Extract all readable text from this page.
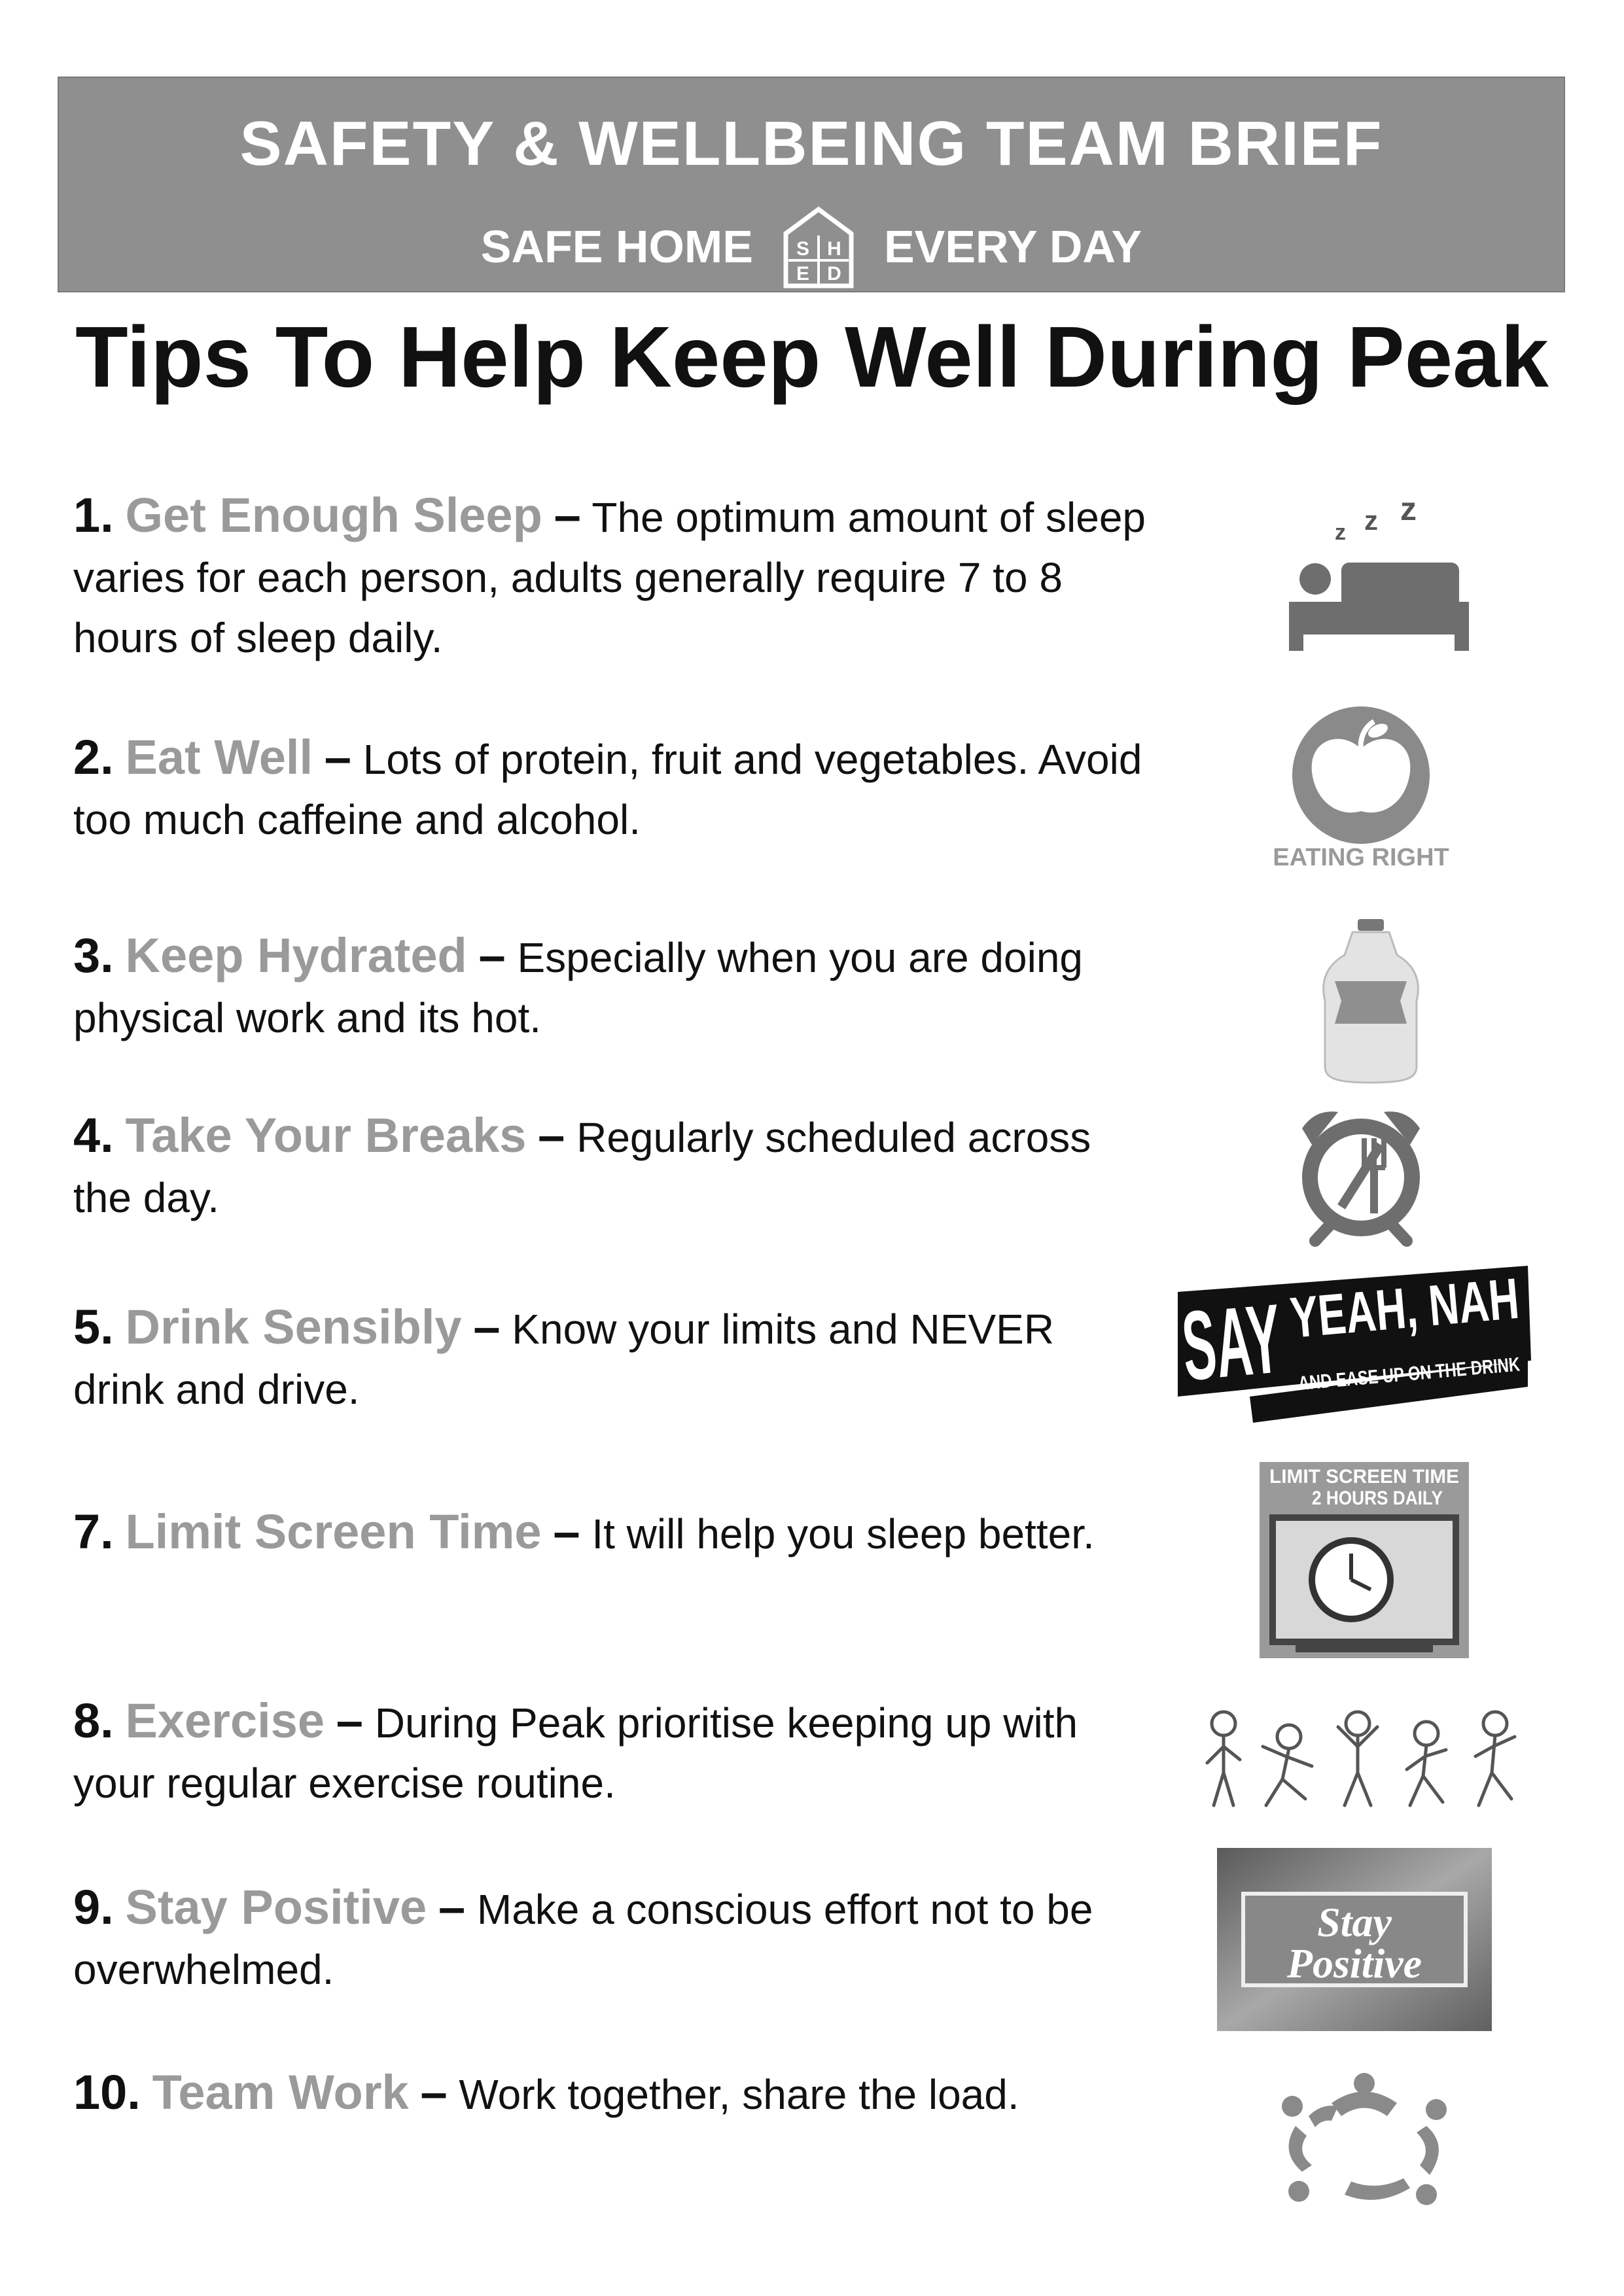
SAFETY & WELLBEING TEAM BRIEF
SAFE HOME S H
E D
EVERY DAY
Tips To Help Keep Well During Peak
1. Get Enough Sleep – The optimum amount of sleep varies for each person, adults generally require 7 to 8 hours of sleep daily.
2. Eat Well – Lots of protein, fruit and vegetables. Avoid too much caffeine and alcohol.
3. Keep Hydrated – Especially when you are doing physical work and its hot.
4. Take Your Breaks – Regularly scheduled across the day.
5. Drink Sensibly – Know your limits and NEVER drink and drive.
7. Limit Screen Time – It will help you sleep better.
8. Exercise – During Peak prioritise keeping up with your regular exercise routine.
9. Stay Positive – Make a conscious effort not to be overwhelmed.
10. Team Work – Work together, share the load.
z z z
EATING RIGHT
SAY
YEAH, NAH
AND EASE UP ON THE DRINK
LIMIT SCREEN TIME
2 HOURS DAILY
Stay
Positive
